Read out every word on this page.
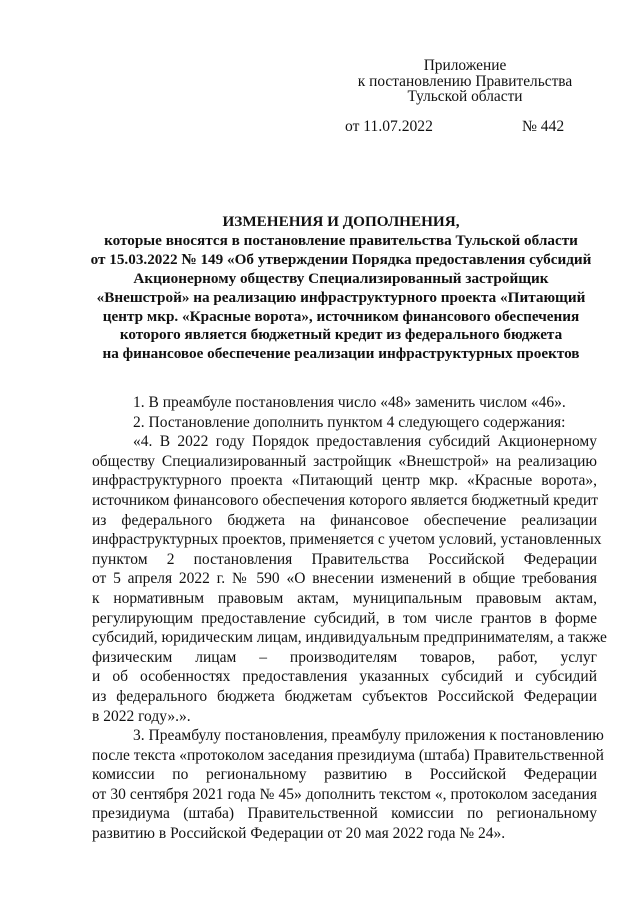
Приложение
к постановлению Правительства
Тульской области
от 11.07.2022	№ 442
ИЗМЕНЕНИЯ И ДОПОЛНЕНИЯ,
которые вносятся в постановление правительства Тульской области
от 15.03.2022 № 149 «Об утверждении Порядка предоставления субсидий
Акционерному обществу Специализированный застройщик
«Внешстрой» на реализацию инфраструктурного проекта «Питающий
центр мкр. «Красные ворота», источником финансового обеспечения
которого является бюджетный кредит из федерального бюджета
на финансовое обеспечение реализации инфраструктурных проектов

1. В преамбуле постановления число «48» заменить числом «46».

2. Постановление дополнить пунктом 4 следующего содержания:

«4. В 2022 году Порядок предоставления субсидий Акционерному
обществу Специализированный застройщик «Внешстрой» на реализацию
инфраструктурного проекта «Питающий центр мкр. «Красные ворота»,
источником финансового обеспечения которого является бюджетный кредит
из федерального бюджета на финансовое обеспечение реализации
инфраструктурных проектов, применяется с учетом условий, установленных
пунктом 2 постановления Правительства Российской Федерации
от 5 апреля 2022 г. № 590 «О внесении изменений в общие требования
к нормативным правовым актам, муниципальным правовым актам,
регулирующим предоставление субсидий, в том числе грантов в форме
субсидий, юридическим лицам, индивидуальным предпринимателям, а также
физическим лицам – производителям товаров, работ, услуг
и об особенностях предоставления указанных субсидий и субсидий
из федерального бюджета бюджетам субъектов Российской Федерации
в 2022 году».».
3. Преамбулу постановления, преамбулу приложения к постановлению
после текста «протоколом заседания президиума (штаба) Правительственной
комиссии по региональному развитию в Российской Федерации
от 30 сентября 2021 года № 45» дополнить текстом «, протоколом заседания
президиума (штаба) Правительственной комиссии по региональному
развитию в Российской Федерации от 20 мая 2022 года № 24».
